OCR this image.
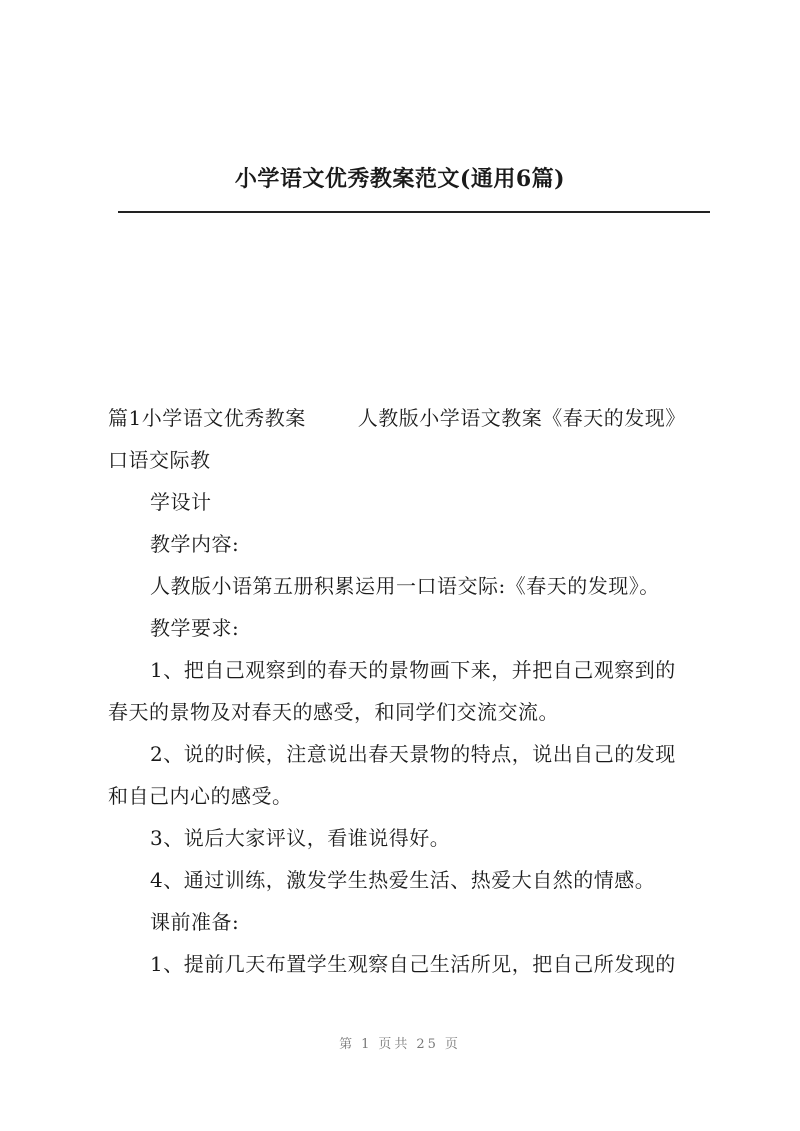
小学语文优秀教案范文(通用6篇)
篇1小学语文优秀教案	人教版小学语文教案《春天的发现》
口语交际教
学设计
教学内容:
人教版小语第五册积累运用一口语交际:《春天的发现》。
教学要求:
1、把自己观察到的春天的景物画下来，并把自己观察到的
春天的景物及对春天的感受，和同学们交流交流。
2、说的时候，注意说出春天景物的特点，说出自己的发现
和自己内心的感受。
3、说后大家评议，看谁说得好。
4、通过训练，激发学生热爱生活、热爱大自然的情感。
课前准备:
1、提前几天布置学生观察自己生活所见，把自己所发现的
第 1 页共 25 页
